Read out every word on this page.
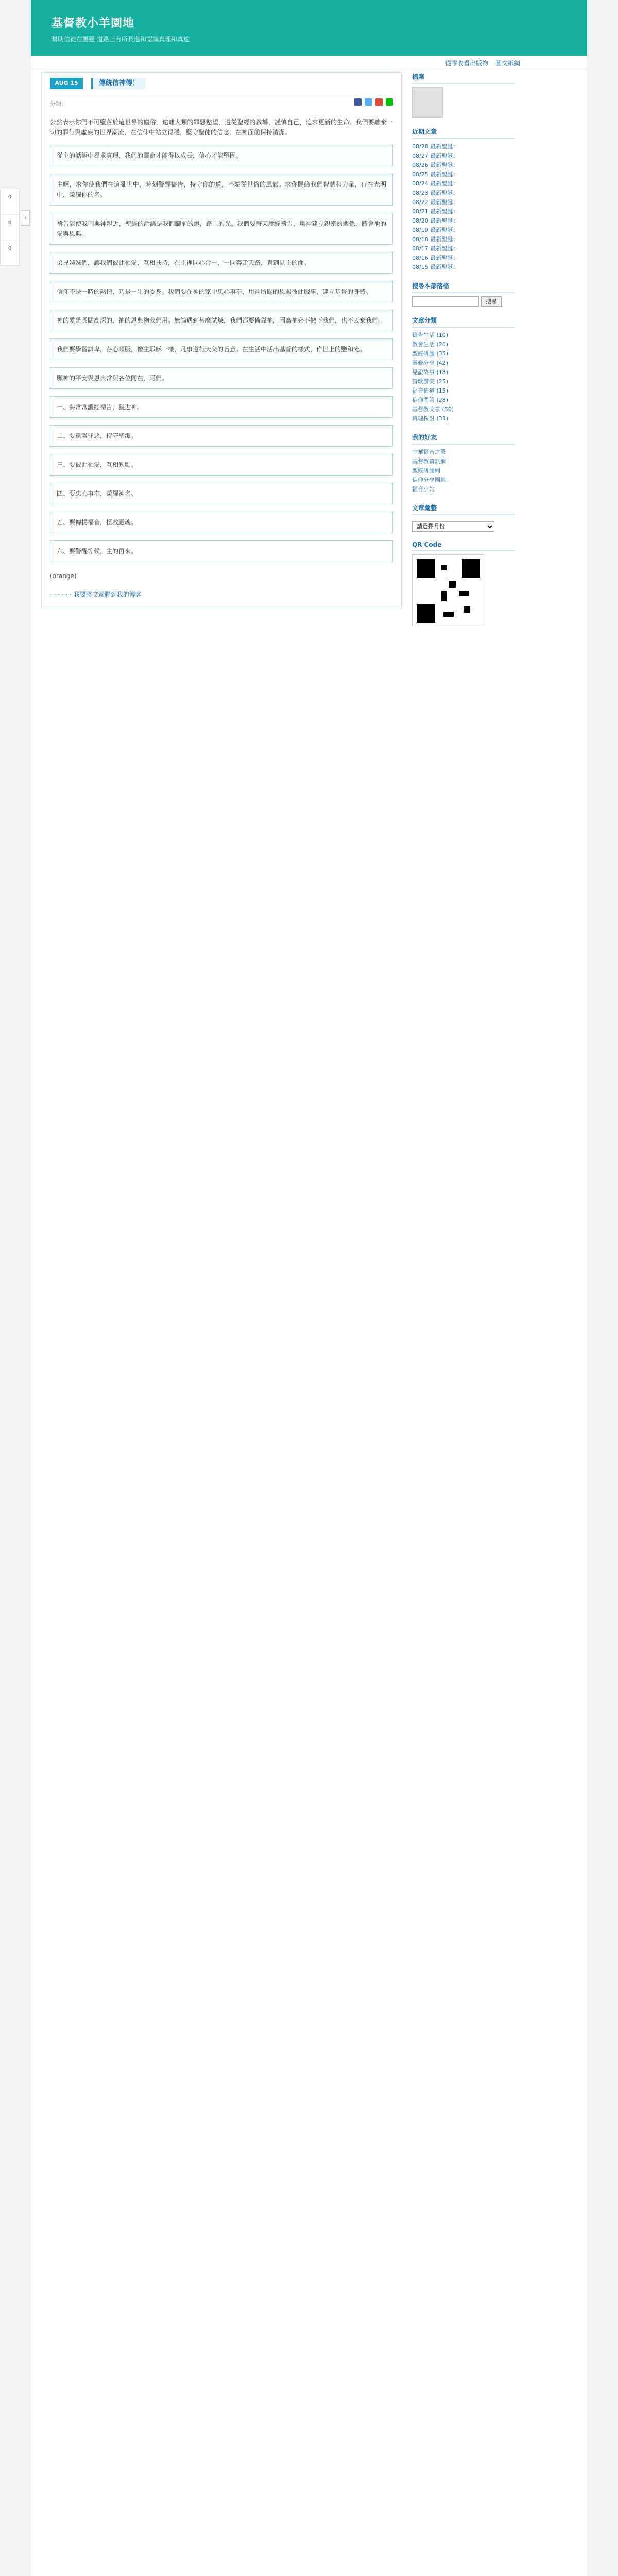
基督教小羊園地
幫助信徒在屬靈 道路上有所長進和認識真理和真道
從零收看出版物 圖文紙網
AUG 15	傳統信神傳！
分類：

公然表示你們不可墮落於這世界的塵俗，遠離人類的罪惡慾望，遵從聖經的教導，謹慎自己，追求更新的生命。我們要離棄一切的罪行與虛妄的世界潮流，在信仰中站立得穩，堅守聖徒的信念，在神面前保持清潔。
從主的話語中尋求真理，我們的靈命才能得以成長，信心才能堅固。
主啊，求你使我們在這亂世中，時刻警醒禱告，持守你的道，不隨從世俗的風氣。求你賜給我們智慧和力量，行在光明中，榮耀你的名。
禱告能使我們與神親近，聖經的話語是我們腳前的燈，路上的光。我們要每天讀經禱告，與神建立親密的關係，體會祂的愛與恩典。
弟兄姊妹們，讓我們彼此相愛，互相扶持，在主裡同心合一，一同奔走天路，直到見主的面。
信仰不是一時的熱情，乃是一生的委身。我們要在神的家中忠心事奉，用神所賜的恩賜彼此服事，建立基督的身體。
神的愛是長闊高深的，祂的恩典夠我們用。無論遇到甚麼試煉，我們都要倚靠祂，因為祂必不撇下我們，也不丟棄我們。
我們要學習謙卑，存心順服，像主耶穌一樣，凡事遵行天父的旨意。在生活中活出基督的樣式，作世上的鹽和光。
願神的平安與恩典常與各位同在，阿們。
一、要常常讀經禱告，親近神。
二、要遠離罪惡，持守聖潔。
三、要彼此相愛，互相勉勵。
四、要忠心事奉，榮耀神名。
五、要傳揚福音，拯救靈魂。
六、要警醒等候，主的再來。
(orange)
· · · · · · 我要將文章聯到我的博客
檔案
近期文章
08/28 最新聖誕：
08/27 最新聖誕：
08/26 最新聖誕：
08/25 最新聖誕：
08/24 最新聖誕：
08/23 最新聖誕：
08/22 最新聖誕：
08/21 最新聖誕：
08/20 最新聖誕：
08/19 最新聖誕：
08/18 最新聖誕：
08/17 最新聖誕：
08/16 最新聖誕：
08/15 最新聖誕：
搜尋本部落格
搜尋
文章分類
禱告生活 (10)
教會生活 (20)
聖經研讀 (35)
靈修分享 (42)
見證故事 (18)
詩歌讚美 (25)
福音佈道 (15)
信仰問答 (28)
基督教文章 (50)
真理探討 (33)
我的好友
中華福音之聲
基督教資訊網
聖經研讀網
信仰分享園地
福音小站
文章彙整
請選擇月份
QR Code
0
0
0
‹
